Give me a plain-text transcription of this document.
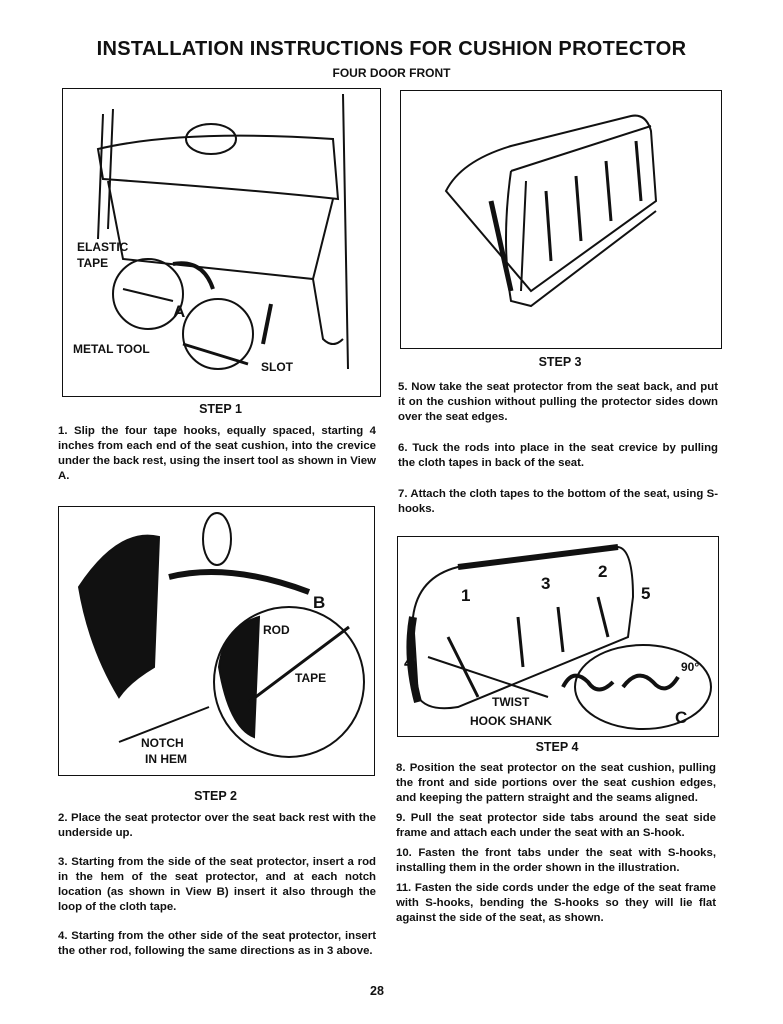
INSTALLATION INSTRUCTIONS FOR CUSHION PROTECTOR
FOUR DOOR FRONT
ELASTIC
TAPE
A
METAL TOOL
SLOT
STEP 1

1. Slip the four tape hooks, equally spaced, starting 4 inches from each end of the seat cushion, into the crevice under the back rest, using the insert tool as shown in View A.

B
ROD
TAPE
NOTCH
IN HEM
STEP 2

2. Place the seat protector over the seat back rest with the underside up.

3. Starting from the side of the seat protector, insert a rod in the hem of the seat protector, and at each notch location (as shown in View B) insert it also through the loop of the cloth tape.

4. Starting from the other side of the seat protector, insert the other rod, following the same directions as in 3 above.

STEP 3

5. Now take the seat protector from the seat back, and put it on the cushion without pulling the protector sides down over the seat edges.

6. Tuck the rods into place in the seat crevice by pulling the cloth tapes in back of the seat.

7. Attach the cloth tapes to the bottom of the seat, using S-hooks.

1
2
3
4
5
90°
TWIST
HOOK SHANK	C
STEP 4

8. Position the seat protector on the seat cushion, pulling the front and side portions over the seat cushion edges, and keeping the pattern straight and the seams aligned.

9. Pull the seat protector side tabs around the seat side frame and attach each under the seat with an S-hook.

10. Fasten the front tabs under the seat with S-hooks, installing them in the order shown in the illustration.

11. Fasten the side cords under the edge of the seat frame with S-hooks, bending the S-hooks so they will lie flat against the side of the seat, as shown.

28
